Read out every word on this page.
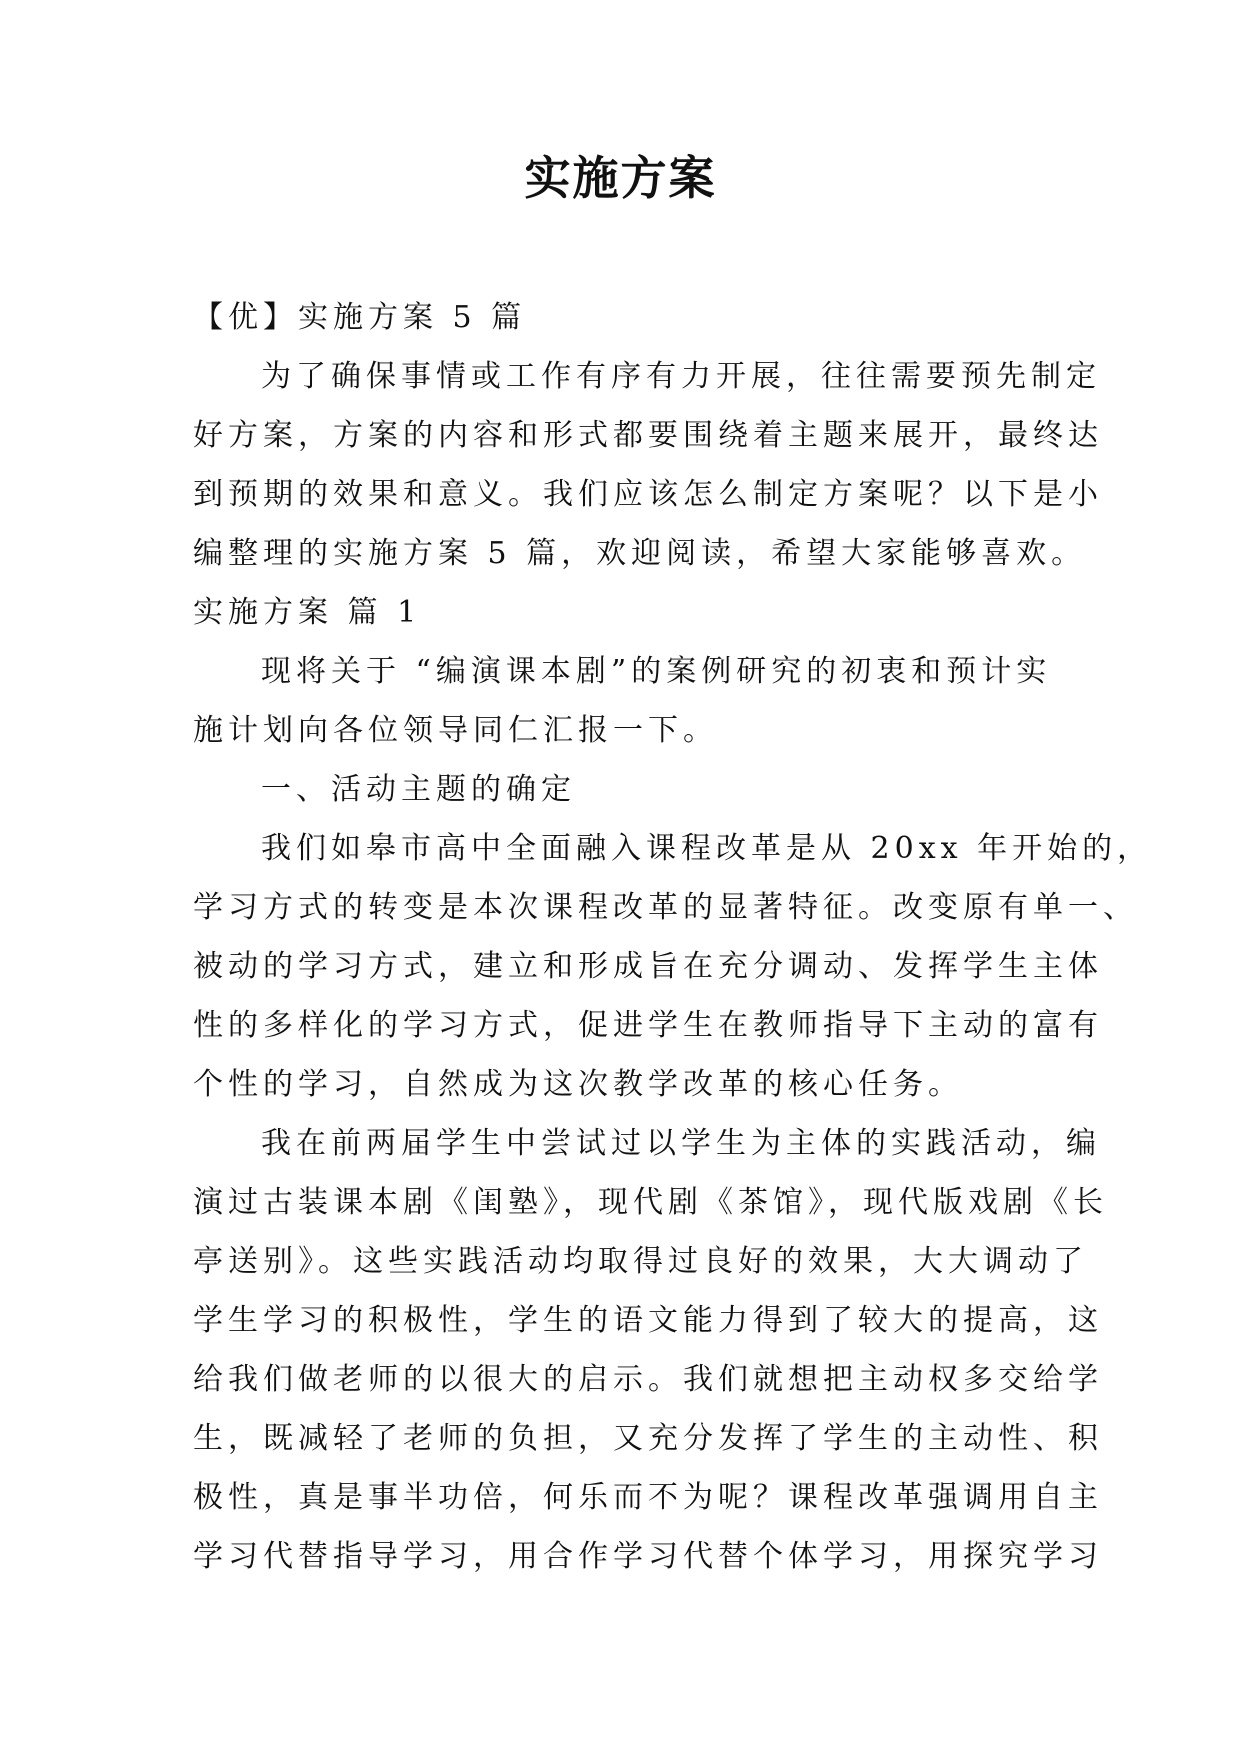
实施方案
【优】实施方案 5 篇
为了确保事情或工作有序有力开展，往往需要预先制定
好方案，方案的内容和形式都要围绕着主题来展开，最终达
到预期的效果和意义。我们应该怎么制定方案呢？以下是小
编整理的实施方案 5 篇，欢迎阅读，希望大家能够喜欢。
实施方案 篇 1
现将关于 “编演课本剧”的案例研究的初衷和预计实
施计划向各位领导同仁汇报一下。
一、活动主题的确定
我们如皋市高中全面融入课程改革是从 20xx 年开始的，
学习方式的转变是本次课程改革的显著特征。改变原有单一、
被动的学习方式，建立和形成旨在充分调动、发挥学生主体
性的多样化的学习方式，促进学生在教师指导下主动的富有
个性的学习，自然成为这次教学改革的核心任务。
我在前两届学生中尝试过以学生为主体的实践活动，编
演过古装课本剧《闺塾》，现代剧《茶馆》，现代版戏剧《长
亭送别》。这些实践活动均取得过良好的效果，大大调动了
学生学习的积极性，学生的语文能力得到了较大的提高，这
给我们做老师的以很大的启示。我们就想把主动权多交给学
生，既减轻了老师的负担，又充分发挥了学生的主动性、积
极性，真是事半功倍，何乐而不为呢？课程改革强调用自主
学习代替指导学习，用合作学习代替个体学习，用探究学习
